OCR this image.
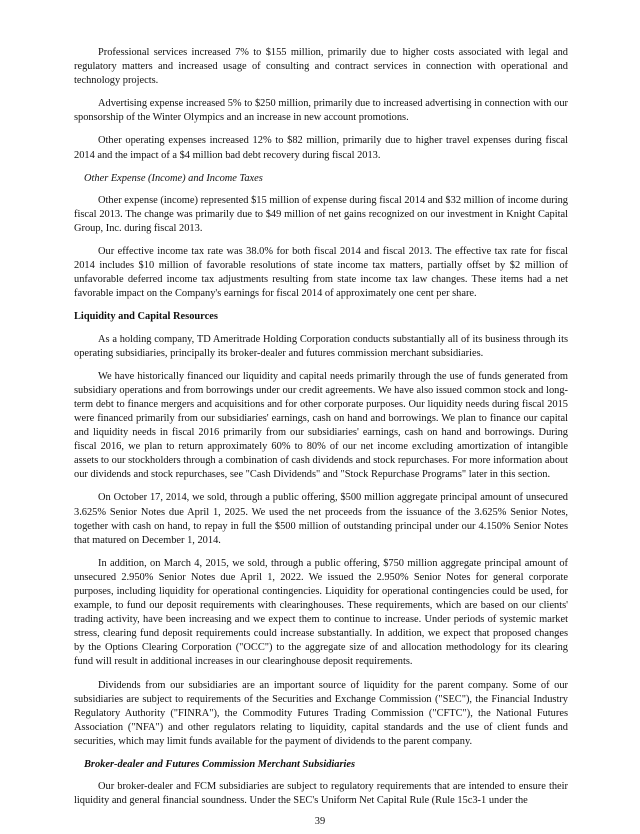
Professional services increased 7% to $155 million, primarily due to higher costs associated with legal and regulatory matters and increased usage of consulting and contract services in connection with operational and technology projects.

Advertising expense increased 5% to $250 million, primarily due to increased advertising in connection with our sponsorship of the Winter Olympics and an increase in new account promotions.

Other operating expenses increased 12% to $82 million, primarily due to higher travel expenses during fiscal 2014 and the impact of a $4 million bad debt recovery during fiscal 2013.

Other Expense (Income) and Income Taxes

Other expense (income) represented $15 million of expense during fiscal 2014 and $32 million of income during fiscal 2013. The change was primarily due to $49 million of net gains recognized on our investment in Knight Capital Group, Inc. during fiscal 2013.

Our effective income tax rate was 38.0% for both fiscal 2014 and fiscal 2013. The effective tax rate for fiscal 2014 includes $10 million of favorable resolutions of state income tax matters, partially offset by $2 million of unfavorable deferred income tax adjustments resulting from state income tax law changes. These items had a net favorable impact on the Company's earnings for fiscal 2014 of approximately one cent per share.

Liquidity and Capital Resources

As a holding company, TD Ameritrade Holding Corporation conducts substantially all of its business through its operating subsidiaries, principally its broker-dealer and futures commission merchant subsidiaries.

We have historically financed our liquidity and capital needs primarily through the use of funds generated from subsidiary operations and from borrowings under our credit agreements. We have also issued common stock and long-term debt to finance mergers and acquisitions and for other corporate purposes. Our liquidity needs during fiscal 2015 were financed primarily from our subsidiaries' earnings, cash on hand and borrowings. We plan to finance our capital and liquidity needs in fiscal 2016 primarily from our subsidiaries' earnings, cash on hand and borrowings. During fiscal 2016, we plan to return approximately 60% to 80% of our net income excluding amortization of intangible assets to our stockholders through a combination of cash dividends and stock repurchases. For more information about our dividends and stock repurchases, see "Cash Dividends" and "Stock Repurchase Programs" later in this section.

On October 17, 2014, we sold, through a public offering, $500 million aggregate principal amount of unsecured 3.625% Senior Notes due April 1, 2025. We used the net proceeds from the issuance of the 3.625% Senior Notes, together with cash on hand, to repay in full the $500 million of outstanding principal under our 4.150% Senior Notes that matured on December 1, 2014.

In addition, on March 4, 2015, we sold, through a public offering, $750 million aggregate principal amount of unsecured 2.950% Senior Notes due April 1, 2022. We issued the 2.950% Senior Notes for general corporate purposes, including liquidity for operational contingencies. Liquidity for operational contingencies could be used, for example, to fund our deposit requirements with clearinghouses. These requirements, which are based on our clients' trading activity, have been increasing and we expect them to continue to increase. Under periods of systemic market stress, clearing fund deposit requirements could increase substantially. In addition, we expect that proposed changes by the Options Clearing Corporation ("OCC") to the aggregate size of and allocation methodology for its clearing fund will result in additional increases in our clearinghouse deposit requirements.

Dividends from our subsidiaries are an important source of liquidity for the parent company. Some of our subsidiaries are subject to requirements of the Securities and Exchange Commission ("SEC"), the Financial Industry Regulatory Authority ("FINRA"), the Commodity Futures Trading Commission ("CFTC"), the National Futures Association ("NFA") and other regulators relating to liquidity, capital standards and the use of client funds and securities, which may limit funds available for the payment of dividends to the parent company.

Broker-dealer and Futures Commission Merchant Subsidiaries

Our broker-dealer and FCM subsidiaries are subject to regulatory requirements that are intended to ensure their liquidity and general financial soundness. Under the SEC's Uniform Net Capital Rule (Rule 15c3-1 under the

39
